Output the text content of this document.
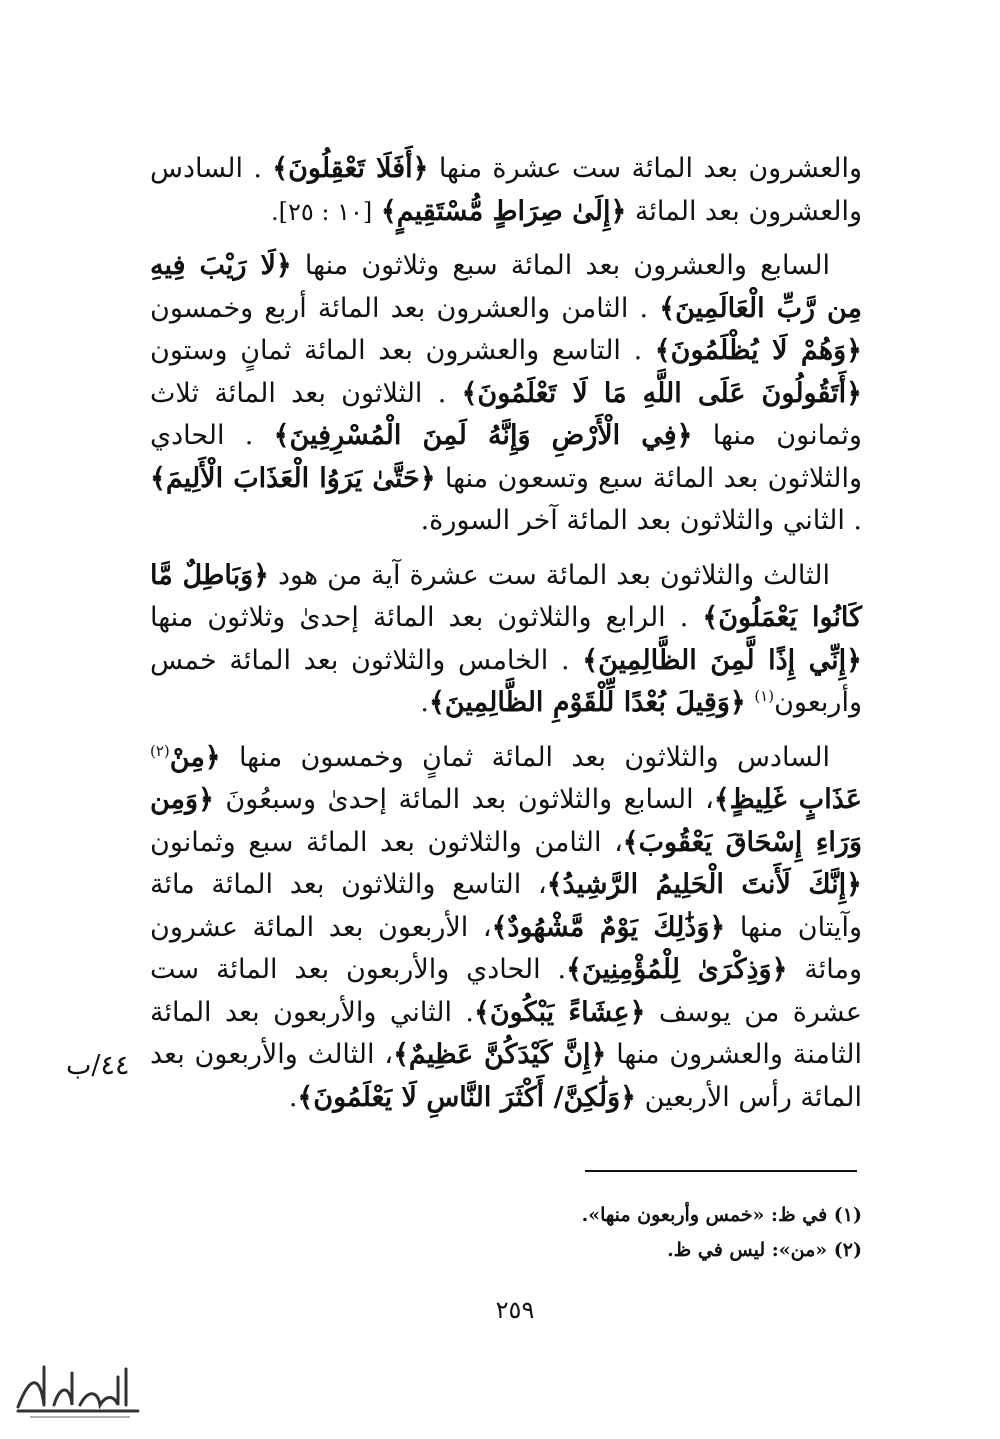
والعشرون بعد المائة ست عشرة منها ﴿أَفَلَا تَعْقِلُونَ﴾ . السادس والعشرون بعد المائة ﴿إِلَىٰ صِرَاطٍ مُّسْتَقِيمٍ﴾ [١٠ : ٢٥].

السابع والعشرون بعد المائة سبع وثلاثون منها ﴿لَا رَيْبَ فِيهِ مِن رَّبِّ الْعَالَمِينَ﴾ . الثامن والعشرون بعد المائة أربع وخمسون ﴿وَهُمْ لَا يُظْلَمُونَ﴾ . التاسع والعشرون بعد المائة ثمانٍ وستون ﴿أَتَقُولُونَ عَلَى اللَّهِ مَا لَا تَعْلَمُونَ﴾ . الثلاثون بعد المائة ثلاث وثمانون منها ﴿فِي الْأَرْضِ وَإِنَّهُ لَمِنَ الْمُسْرِفِينَ﴾ . الحادي والثلاثون بعد المائة سبع وتسعون منها ﴿حَتَّىٰ يَرَوُا الْعَذَابَ الْأَلِيمَ﴾ . الثاني والثلاثون بعد المائة آخر السورة.

الثالث والثلاثون بعد المائة ست عشرة آية من هود ﴿وَبَاطِلٌ مَّا كَانُوا يَعْمَلُونَ﴾ . الرابع والثلاثون بعد المائة إحدىٰ وثلاثون منها ﴿إِنِّي إِذًا لَّمِنَ الظَّالِمِينَ﴾ . الخامس والثلاثون بعد المائة خمس وأربعون$^{(١)}$ ﴿وَقِيلَ بُعْدًا لِّلْقَوْمِ الظَّالِمِينَ﴾.

السادس والثلاثون بعد المائة ثمانٍ وخمسون منها ﴿مِنْ$^{(٢)}$ عَذَابٍ غَلِيظٍ﴾، السابع والثلاثون بعد المائة إحدىٰ وسبعُونَ ﴿وَمِن وَرَاءِ إِسْحَاقَ يَعْقُوبَ﴾، الثامن والثلاثون بعد المائة سبع وثمانون ﴿إِنَّكَ لَأَنتَ الْحَلِيمُ الرَّشِيدُ﴾، التاسع والثلاثون بعد المائة مائة وآيتان منها ﴿وَذَٰلِكَ يَوْمٌ مَّشْهُودٌ﴾، الأربعون بعد المائة عشرون ومائة ﴿وَذِكْرَىٰ لِلْمُؤْمِنِينَ﴾. الحادي والأربعون بعد المائة ست عشرة من يوسف ﴿عِشَاءً يَبْكُونَ﴾. الثاني والأربعون بعد المائة الثامنة والعشرون منها ﴿إِنَّ كَيْدَكُنَّ عَظِيمٌ﴾، الثالث والأربعون بعد المائة رأس الأربعين ﴿وَلَٰكِنَّ/ أَكْثَرَ النَّاسِ لَا يَعْلَمُونَ﴾.

٤٤/ب
(١) في ظ: «خمس وأربعون منها».
(٢) «من»: ليس في ظ.
٢٥٩
